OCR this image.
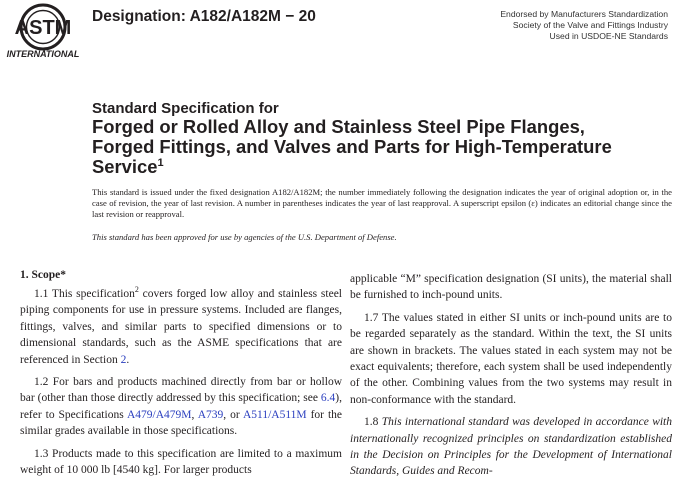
ASTM
INTERNATIONAL
Designation: A182/A182M − 20	Endorsed by Manufacturers Standardization
Society of the Valve and Fittings Industry
Used in USDOE-NE Standards
Standard Specification for
Forged or Rolled Alloy and Stainless Steel Pipe Flanges,
Forged Fittings, and Valves and Parts for High-Temperature
Service$^1$
This standard is issued under the fixed designation A182/A182M; the number immediately following the designation indicates the year of original adoption or, in the case of revision, the year of last revision. A number in parentheses indicates the year of last reapproval. A superscript epsilon (ε) indicates an editorial change since the last revision or reapproval.
This standard has been approved for use by agencies of the U.S. Department of Defense.
1. Scope*

1.1 This specification$^2$ covers forged low alloy and stainless steel piping components for use in pressure systems. Included are flanges, fittings, valves, and similar parts to specified dimensions or to dimensional standards, such as the ASME specifications that are referenced in Section 2.

1.2 For bars and products machined directly from bar or hollow bar (other than those directly addressed by this specification; see 6.4), refer to Specifications A479/A479M, A739, or A511/A511M for the similar grades available in those specifications.

1.3 Products made to this specification are limited to a maximum weight of 10 000 lb [4540 kg]. For larger products

applicable “M” specification designation (SI units), the material shall be furnished to inch-pound units.

1.7 The values stated in either SI units or inch-pound units are to be regarded separately as the standard. Within the text, the SI units are shown in brackets. The values stated in each system may not be exact equivalents; therefore, each system shall be used independently of the other. Combining values from the two systems may result in non-conformance with the standard.

1.8 This international standard was developed in accordance with internationally recognized principles on standardization established in the Decision on Principles for the Development of International Standards, Guides and Recom-
